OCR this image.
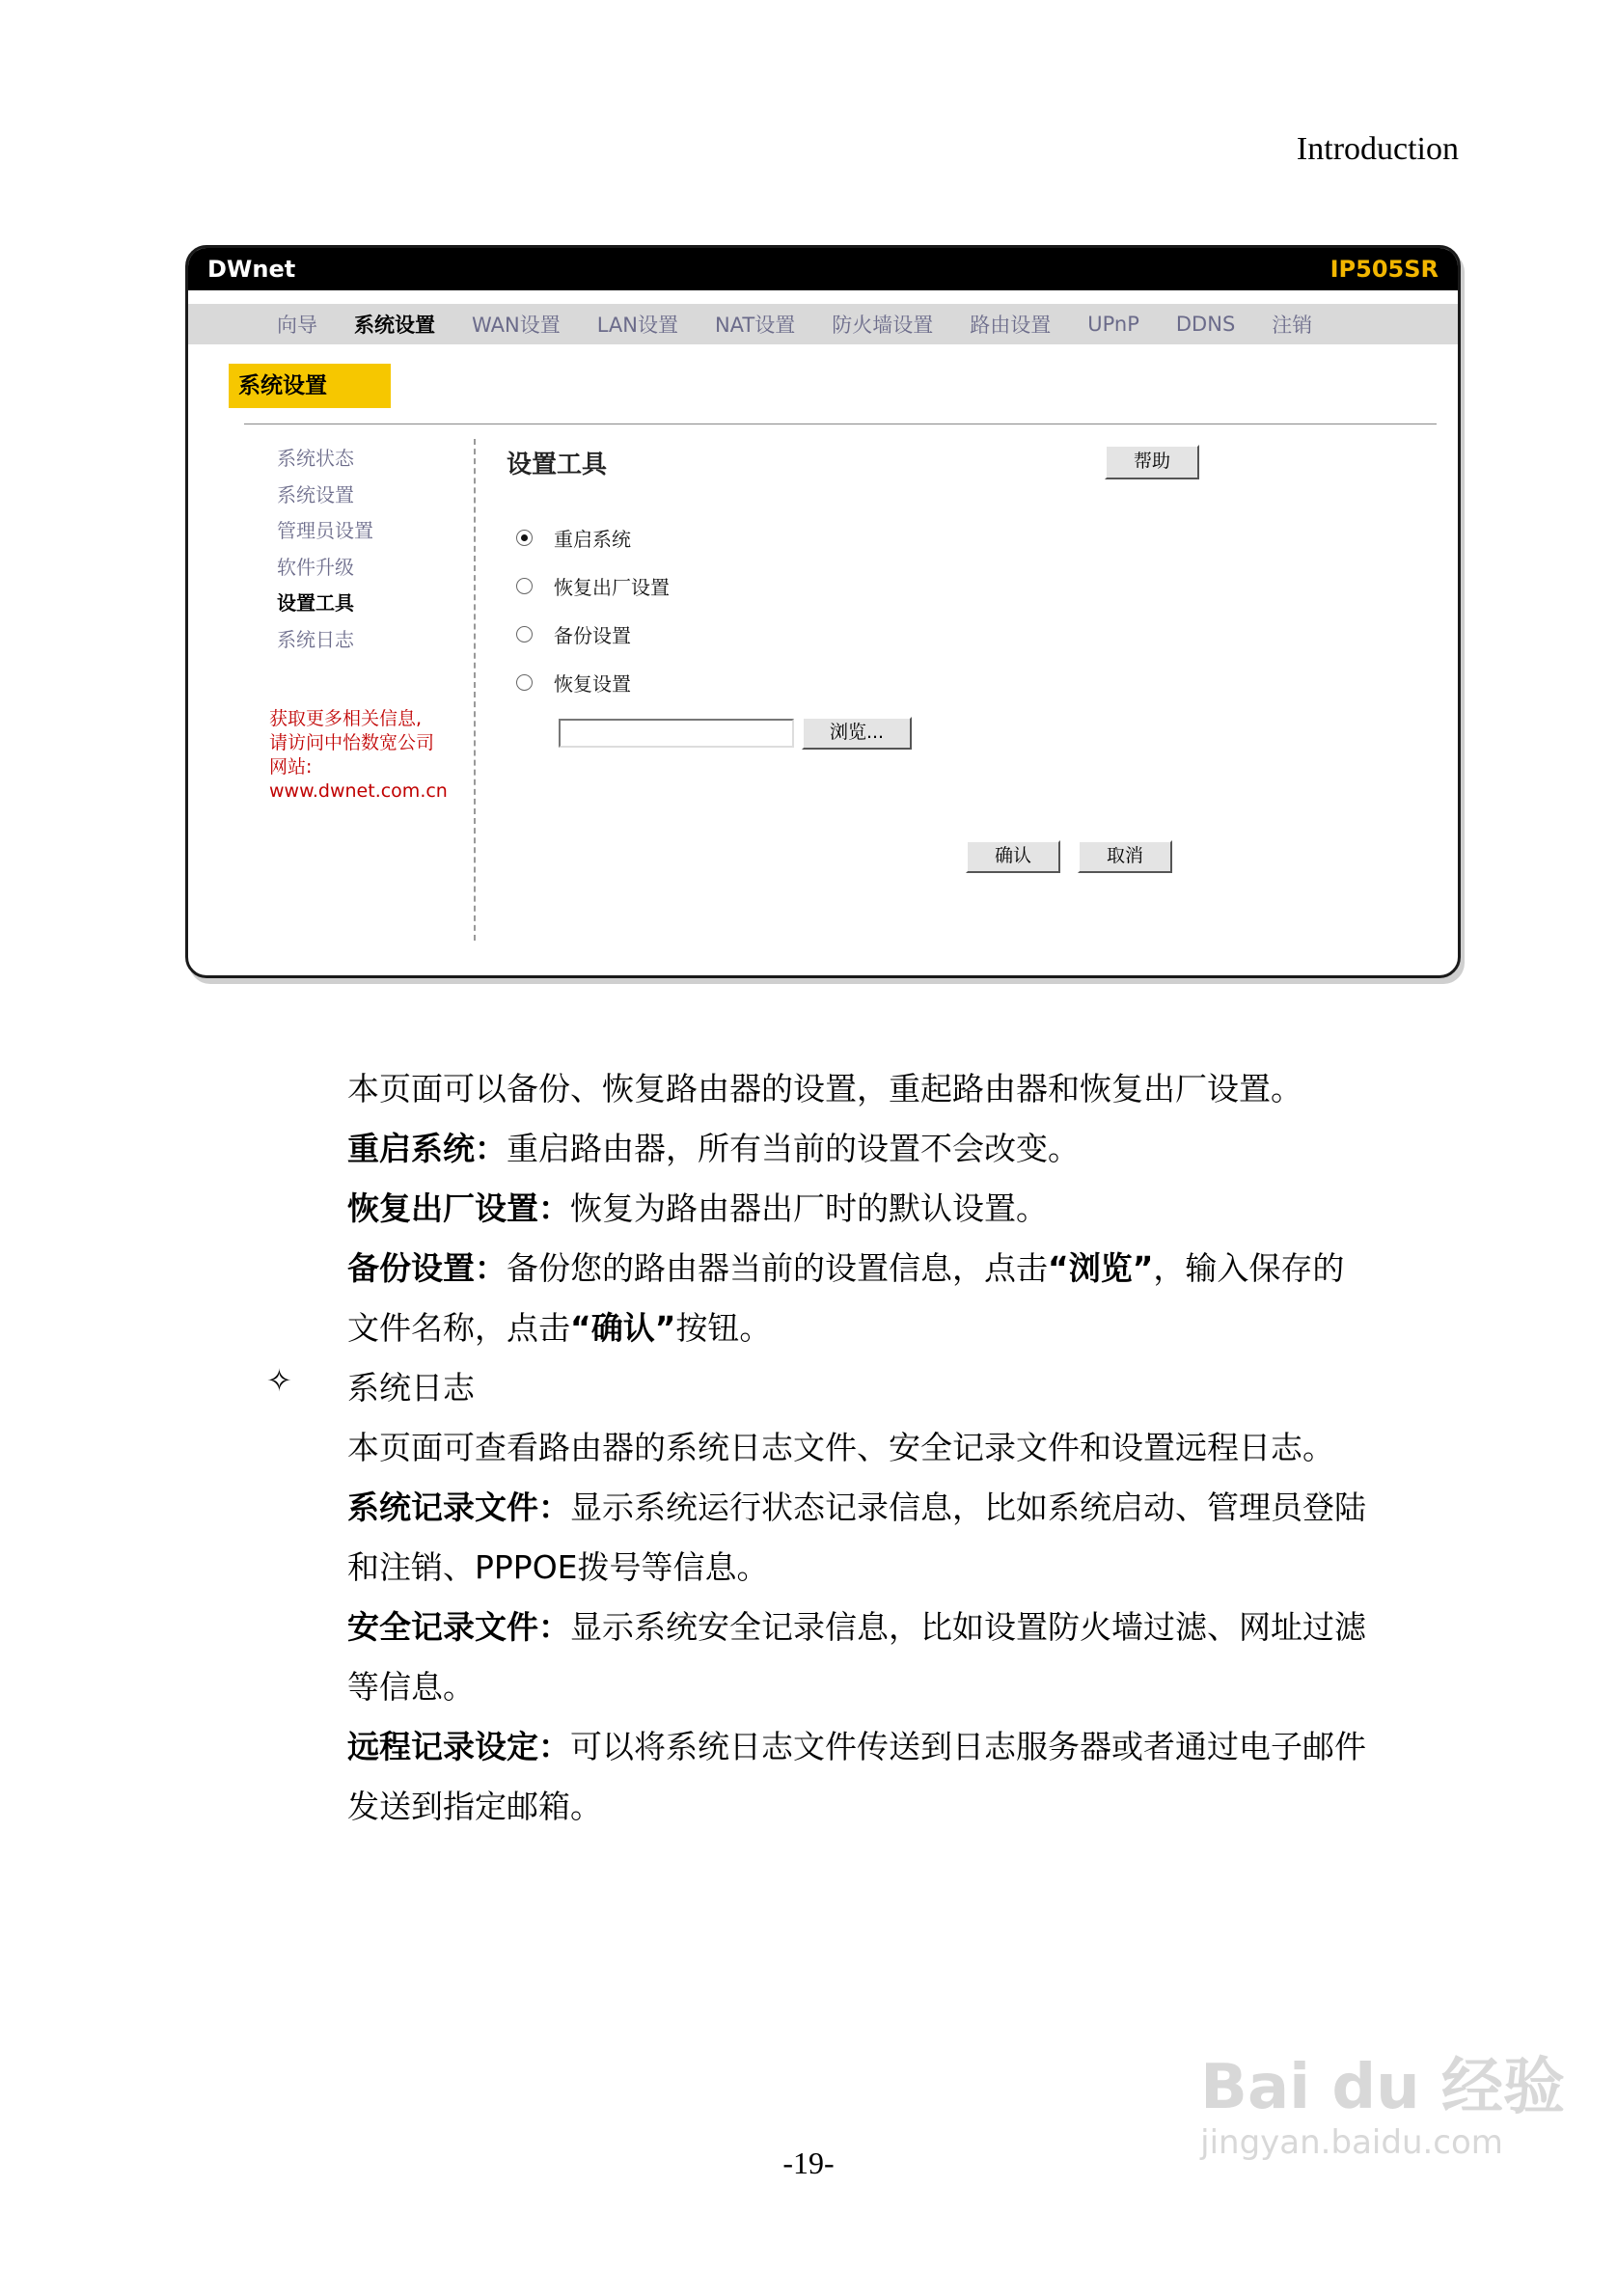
Introduction
DWnet	IP505SR
向导 系统设置 WAN设置 LAN设置 NAT设置 防火墙设置 路由设置 UPnP DDNS 注销
系统设置
系统状态
系统设置
管理员设置
软件升级
设置工具
系统日志
获取更多相关信息,
请访问中怡数宽公司
网站:
www.dwnet.com.cn
设置工具	帮助
重启系统
恢复出厂设置
备份设置
恢复设置
浏览...
确认	取消

本页面可以备份、恢复路由器的设置，重起路由器和恢复出厂设置。

重启系统：重启路由器，所有当前的设置不会改变。

恢复出厂设置：恢复为路由器出厂时的默认设置。

备份设置：备份您的路由器当前的设置信息，点击“浏览”，输入保存的

文件名称，点击“确认”按钮。

系统日志

本页面可查看路由器的系统日志文件、安全记录文件和设置远程日志。

系统记录文件：显示系统运行状态记录信息，比如系统启动、管理员登陆

和注销、PPPOE拨号等信息。

安全记录文件：显示系统安全记录信息，比如设置防火墙过滤、网址过滤

等信息。

远程记录设定：可以将系统日志文件传送到日志服务器或者通过电子邮件

发送到指定邮箱。

✧
-19-
Bai du 经验
jingyan.baidu.com
